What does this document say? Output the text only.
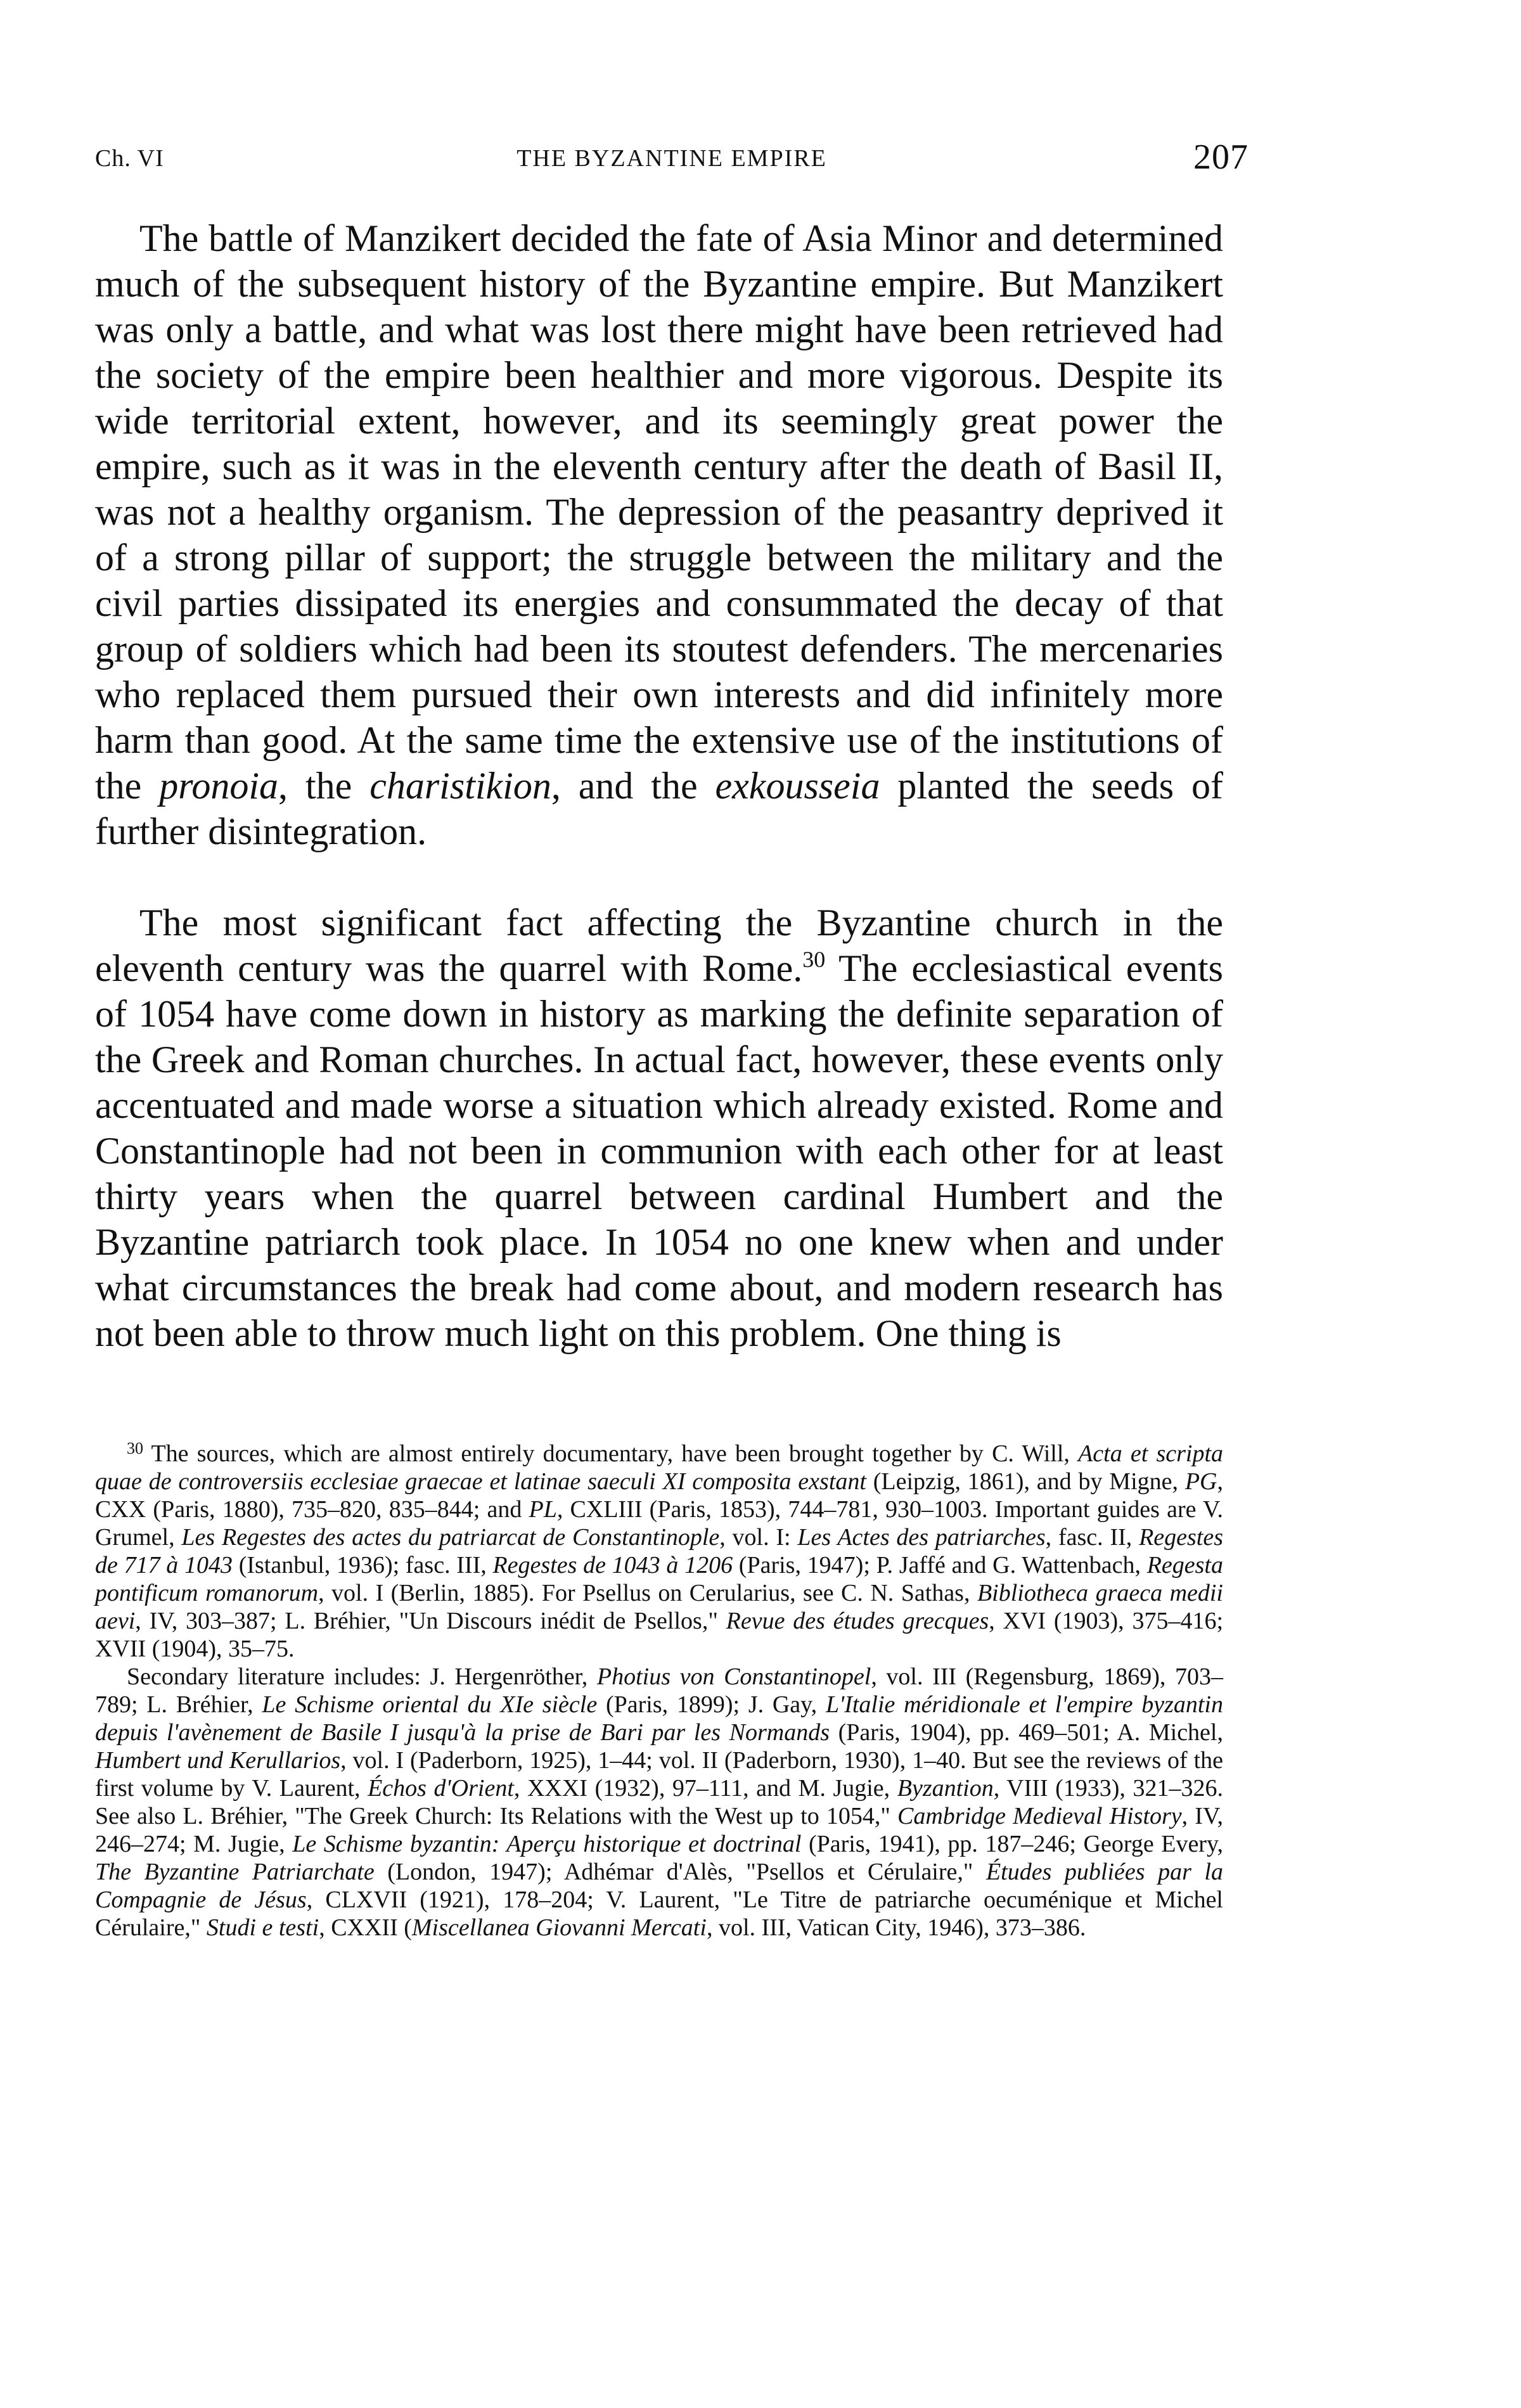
Ch. VI	THE BYZANTINE EMPIRE	207

The battle of Manzikert decided the fate of Asia Minor and determined much of the subsequent history of the Byzantine empire. But Manzikert was only a battle, and what was lost there might have been retrieved had the society of the empire been healthier and more vigorous. Despite its wide territorial extent, however, and its seemingly great power the empire, such as it was in the eleventh century after the death of Basil II, was not a healthy organism. The depression of the peasantry deprived it of a strong pillar of support; the struggle between the military and the civil parties dissipated its energies and consummated the decay of that group of soldiers which had been its stoutest defenders. The mercenaries who replaced them pursued their own interests and did infinitely more harm than good. At the same time the extensive use of the institutions of the pronoia, the charistikion, and the exkousseia planted the seeds of further disintegration.

The most significant fact affecting the Byzantine church in the eleventh century was the quarrel with Rome.$^{30}$ The ecclesiastical events of 1054 have come down in history as marking the definite separation of the Greek and Roman churches. In actual fact, however, these events only accentuated and made worse a situation which already existed. Rome and Constantinople had not been in communion with each other for at least thirty years when the quarrel between cardinal Humbert and the Byzantine patriarch took place. In 1054 no one knew when and under what circumstances the break had come about, and modern research has not been able to throw much light on this problem. One thing is

$^{30}$ The sources, which are almost entirely documentary, have been brought together by C. Will, Acta et scripta quae de controversiis ecclesiae graecae et latinae saeculi XI composita exstant (Leipzig, 1861), and by Migne, PG, CXX (Paris, 1880), 735–820, 835–844; and PL, CXLIII (Paris, 1853), 744–781, 930–1003. Important guides are V. Grumel, Les Regestes des actes du patriarcat de Constantinople, vol. I: Les Actes des patriarches, fasc. II, Regestes de 717 à 1043 (Istanbul, 1936); fasc. III, Regestes de 1043 à 1206 (Paris, 1947); P. Jaffé and G. Wattenbach, Regesta pontificum romanorum, vol. I (Berlin, 1885). For Psellus on Cerularius, see C. N. Sathas, Bibliotheca graeca medii aevi, IV, 303–387; L. Bréhier, "Un Discours inédit de Psellos," Revue des études grecques, XVI (1903), 375–416; XVII (1904), 35–75.

Secondary literature includes: J. Hergenröther, Photius von Constantinopel, vol. III (Regensburg, 1869), 703–789; L. Bréhier, Le Schisme oriental du XIe siècle (Paris, 1899); J. Gay, L'Italie méridionale et l'empire byzantin depuis l'avènement de Basile I jusqu'à la prise de Bari par les Normands (Paris, 1904), pp. 469–501; A. Michel, Humbert und Kerullarios, vol. I (Paderborn, 1925), 1–44; vol. II (Paderborn, 1930), 1–40. But see the reviews of the first volume by V. Laurent, Échos d'Orient, XXXI (1932), 97–111, and M. Jugie, Byzantion, VIII (1933), 321–326. See also L. Bréhier, "The Greek Church: Its Relations with the West up to 1054," Cambridge Medieval History, IV, 246–274; M. Jugie, Le Schisme byzantin: Aperçu historique et doctrinal (Paris, 1941), pp. 187–246; George Every, The Byzantine Patriarchate (London, 1947); Adhémar d'Alès, "Psellos et Cérulaire," Études publiées par la Compagnie de Jésus, CLXVII (1921), 178–204; V. Laurent, "Le Titre de patriarche oecuménique et Michel Cérulaire," Studi e testi, CXXII (Miscellanea Giovanni Mercati, vol. III, Vatican City, 1946), 373–386.
